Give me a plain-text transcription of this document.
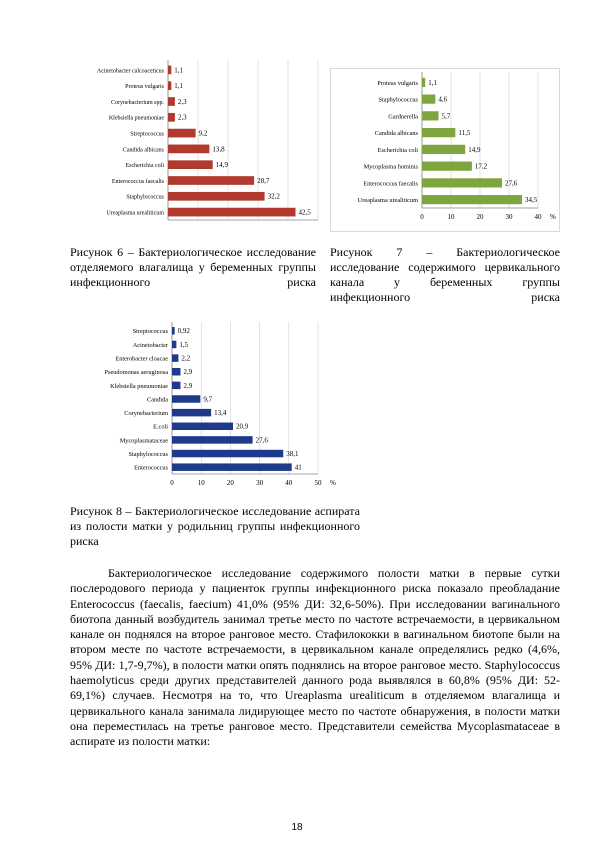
Acinetobacter calcoaceticus 1,1
Proteus vulgaris 1,1
Corynebacterium spp. 2,3
Klebsiella pneumoniae 2,3
Streptococcus	9,2
Candida albicans	13,8
Escherichia coli	14,9
Enterococcus faecalis	28,7
Staphylococcus	32,2
Ureaplasma urealiticum	42,5
0	10	20	30	40 %
Proteus vulgaris 1,1
Staphylococcus	4,6
Gardnerella	5,7
Candida albicans	11,5
Escherichia coli	14,9
Mycoplasma hominis	17,2
Enterococcus faecalis	27,6
Ureaplasma urealiticum	34,5
0	10	20	30	40	50 %
Streptococcus 0,92
Acinetobacter 1,5
Enterobacter cloacae 2,2
Pseudomonas aeruginosa 2,9
Klebsiella pneumoniae 2,9
Candida	9,7
Corynebacterium	13,4
E.coli	20,9
Mycoplasmataceae	27,6
Staphylococcus	38,1
Enterococcus	41
Рисунок 6 – Бактериологическое исследование отделяемого влагалища у беременных группы инфекционного риска
Рисунок 7 – Бактериологическое исследование содержимого цервикального канала у беременных группы инфекционного риска
Рисунок 8 – Бактериологическое исследование аспирата из полости матки у родильниц группы инфекционного риска
Бактериологическое исследование содержимого полости матки в первые сутки послеродового периода у пациенток группы инфекционного риска показало преобладание Enterococcus (faecalis, faecium) 41,0% (95% ДИ: 32,6-50%). При исследовании вагинального биотопа данный возбудитель занимал третье место по частоте встречаемости, в цервикальном канале он поднялся на второе ранговое место. Стафилококки в вагинальном биотопе были на втором месте по частоте встречаемости, в цервикальном канале определялись редко (4,6%, 95% ДИ: 1,7-9,7%), в полости матки опять поднялись на второе ранговое место. Staphylococcus haemolyticus среди других представителей данного рода выявлялся в 60,8% (95% ДИ: 52-69,1%) случаев. Несмотря на то, что Ureaplasma urealiticum в отделяемом влагалища и цервикального канала занимала лидирующее место по частоте обнаружения, в полости матки она переместилась на третье ранговое место. Представители семейства Mycoplasmataceae в аспирате из полости матки:
18
